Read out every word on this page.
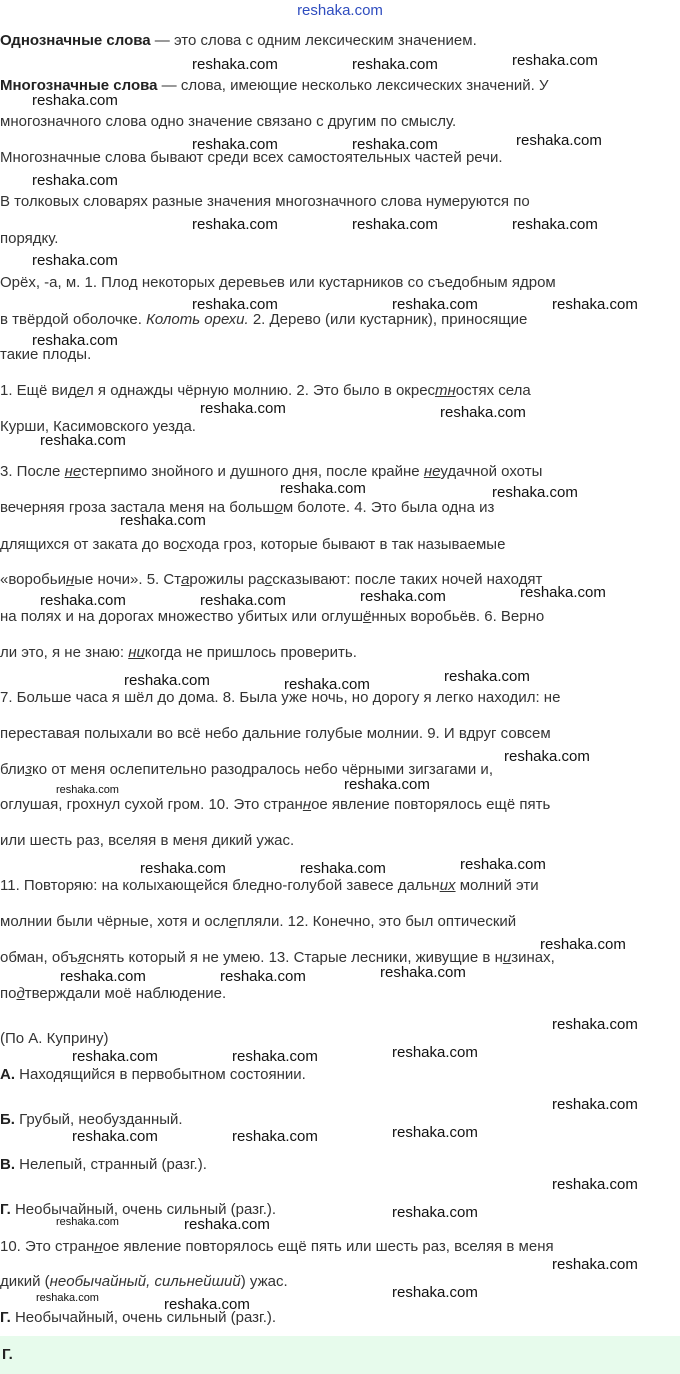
reshaka.com
Однозначные слова — это слова с одним лексическим значением.
Многозначные слова — слова, имеющие несколько лексических значений. У
многозначного слова одно значение связано с другим по смыслу.
Многозначные слова бывают среди всех самостоятельных частей речи.
В толковых словарях разные значения многозначного слова нумеруются по
порядку.
Орёх, -а, м. 1. Плод некоторых деревьев или кустарников со съедобным ядром
в твёрдой оболочке. Колоть орехи. 2. Дерево (или кустарник), приносящие
такие плоды.
1. Ещё видел я однажды чёрную молнию. 2. Это было в окрестностях села
Курши, Касимовского уезда.
3. После нестерпимо знойного и душного дня, после крайне неудачной охоты
вечерняя гроза застала меня на большом болоте. 4. Это была одна из
длящихся от заката до восхода гроз, которые бывают в так называемые
«воробьиные ночи». 5. Старожилы рассказывают: после таких ночей находят
на полях и на дорогах множество убитых или оглушённых воробьёв. 6. Верно
ли это, я не знаю: никогда не пришлось проверить.
7. Больше часа я шёл до дома. 8. Была уже ночь, но дорогу я легко находил: не
переставая полыхали во всё небо дальние голубые молнии. 9. И вдруг совсем
близко от меня ослепительно разодралось небо чёрными зигзагами и,
оглушая, грохнул сухой гром. 10. Это странное явление повторялось ещё пять
или шесть раз, вселяя в меня дикий ужас.
11. Повторяю: на колыхающейся бледно-голубой завесе дальних молний эти
молнии были чёрные, хотя и ослепляли. 12. Конечно, это был оптический
обман, объяснять который я не умею. 13. Старые лесники, живущие в низинах,
подтверждали моё наблюдение.
(По А. Куприну)
А. Находящийся в первобытном состоянии.
Б. Грубый, необузданный.
В. Нелепый, странный (разг.).
Г. Необычайный, очень сильный (разг.).
10. Это странное явление повторялось ещё пять или шесть раз, вселяя в меня
дикий (необычайный, сильнейший) ужас.
Г. Необычайный, очень сильный (разг.).
Г.
reshaka.com	reshaka.com	reshaka.com
reshaka.com
reshaka.com	reshaka.com	reshaka.com
reshaka.com
reshaka.com	reshaka.com	reshaka.com
reshaka.com
reshaka.com	reshaka.com	reshaka.com
reshaka.com
reshaka.com	reshaka.com
reshaka.com
reshaka.com	reshaka.com
reshaka.com
reshaka.com	reshaka.com
reshaka.com	reshaka.com
reshaka.com	reshaka.com	reshaka.com
reshaka.com
reshaka.com	reshaka.com
reshaka.com	reshaka.com	reshaka.com
reshaka.com
reshaka.com	reshaka.com	reshaka.com
reshaka.com
reshaka.com	reshaka.com	reshaka.com
reshaka.com
reshaka.com	reshaka.com	reshaka.com
reshaka.com
reshaka.com	reshaka.com
reshaka.com
reshaka.com
reshaka.com	reshaka.com
reshaka.com
